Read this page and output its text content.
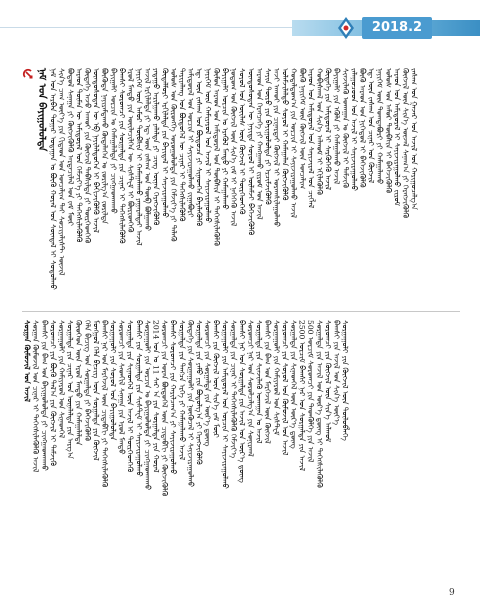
2018.2
ᠨᠠᠮ ᠤᠨ ᠪᠠᠶᠢᠭᠤᠯᠤᠯᠲᠠ ᠨᠠᠮ ᠤᠨ ᠠᠷᠪᠠᠨ ᠳᠤᠭᠠᠷ ᠤᠳᠠᠭᠠᠨ ᠤ ᠪᠦᠬᠦ ᠬᠤᠷᠠᠯ ᠤᠨ ᠰᠦᠨᠳᠡᠯ ᠢ ᠰᠤᠳᠤᠯᠬᠤ ᠰᠢᠨ᠎ᠡ ᠴᠠᠭ ᠦᠶ᠎ᠡ ᠶᠢᠨ ᠬᠢᠲᠠᠳ ᠤᠨ ᠣᠨᠴᠠᠯᠢᠭ ᠲᠠᠢ ᠰᠣᠴᠢᠶᠠᠯᠢᠰᠲ ᠦᠵᠢᠯ ᠪᠤᠳᠤᠯ ᠰᠠᠨᠠᠭᠠ ᠶᠢ ᠬᠥᠭᠵᠢᠭᠦᠯᠬᠦ ᠠᠷᠳᠠᠴᠢᠯᠠᠯ ᠤᠨ ᠵᠠᠮ ᠮᠥᠷ ᠠᠷᠠᠳ ᠲᠦᠮᠡᠨ ᠦ ᠠᠮᠢᠳᠤᠷᠠᠯ ᠤᠨ ᠬᠡᠮᠵᠢᠶ᠎ᠡ ᠶᠢ ᠳᠡᠭᠡᠭᠰᠢᠯᠡᠭᠦᠯᠬᠦ ᠬᠥᠳᠡᠭᠡ ᠠᠵᠤ ᠠᠬᠤᠢ ᠶᠢᠨ ᠬᠥᠭᠵᠢᠯ ᠳᠡᠪᠱᠢᠯᠲᠡ ᠶᠢ ᠲᠦᠷᠭᠡᠳᠬᠡᠬᠦ ᠦᠨᠳᠦᠰᠦᠲᠡᠨ ᠦ ᠡᠪ ᠨᠡᠶᠢᠯᠡᠯᠳᠦᠭᠡᠨ ᠢ ᠪᠡᠬᠢᠵᠢᠭᠦᠯᠬᠦ ᠠᠵᠢᠯ ᠪᠦᠭᠦᠳᠡ ᠨᠠᠶᠢᠷᠠᠮᠳᠠᠬᠤ ᠬᠦᠳᠡᠯᠡᠭᠡᠨ ᠤ ᠵᠤᠷᠢᠯᠭ᠎ᠠ ᠵᠣᠷᠢᠯᠲᠠ ᠪᠠᠶᠢᠭᠠᠯᠢ ᠣᠷᠴᠢᠨ ᠤ ᠬᠠᠮᠠᠭᠠᠯᠠᠯᠲᠠ ᠶᠢ ᠴᠢᠩᠭᠠᠳᠬᠠᠬᠤ ᠪᠠᠭᠰᠢ ᠰᠤᠷᠤᠭᠴᠢ ᠶᠢᠨ ᠰᠤᠷᠭᠠᠯᠲᠠ ᠶᠢᠨ ᠴᠢᠨᠠᠷ ᠢ ᠳᠡᠭᠡᠭᠰᠢᠯᠡᠭᠦᠯᠬᠦ ᠡᠷᠦᠯ ᠮᠡᠨᠳᠦ ᠶᠢᠨ ᠦᠢᠯᠡᠴᠢᠯᠭᠡᠨ ᠦ ᠰᠢᠰᠲ᠋ᠧᠮ ᠢ ᠪᠦᠷᠢᠳᠬᠡᠬᠦ ᠨᠡᠶᠢᠭᠡᠮ ᠦᠨ ᠠᠮᠤᠷ ᠲᠦᠪᠰᠢᠨ ᠢ ᠬᠠᠮᠠᠭᠠᠯᠠᠬᠤ ᠶᠠᠭᠠᠷᠠᠯᠲᠠᠢ ᠠᠵᠢᠯ ᠠᠵᠢᠯ ᠡᠷᠬᠢᠯᠡᠯᠲᠡ ᠶᠢ ᠡᠳ᠋ ᠦᠨ ᠵᠠᠰᠠᠭ ᠤᠨ ᠲᠥᠪ ᠪᠣᠯᠭᠠᠬᠤ ᠶᠠᠳᠠᠭᠤ ᠠᠷᠢᠯᠭᠠᠬᠤ ᠶᠠᠯᠠᠯᠲᠠ ᠶᠢ ᠴᠢᠩ ᠦᠨᠡᠨ ᠬᠡᠷᠡᠭᠵᠢᠭᠦᠯᠬᠦ ᠬᠥᠳᠡᠯᠮᠦᠷᠢ ᠡᠷᠬᠢᠯᠡᠯᠲᠡ ᠶᠢᠨ ᠪᠠᠶᠢᠳᠠᠯ ᠢ ᠰᠠᠶᠵᠢᠷᠠᠭᠤᠯᠬᠤ ᠤᠯᠤᠰ ᠤᠨ ᠬᠥᠷᠥᠩᠭᠡ ᠣᠷᠣᠭᠤᠯᠤᠯᠲᠠ ᠶᠢᠨ ᠬᠡᠮᠵᠢᠶ᠎ᠡ ᠶᠢ ᠲᠡᠯᠡᠬᠦ ᠲᠠᠷᠢᠶᠠᠯᠠᠩ ᠤᠨ ᠪᠦᠲᠦᠭᠡᠯ ᠦ ᠴᠢᠨᠠᠷ ᠢ ᠳᠡᠭᠡᠭᠰᠢᠯᠡᠭᠦᠯᠬᠦ ᠠᠮᠢᠳᠤᠷᠠᠯ ᠤᠨ ᠣᠷᠴᠢᠨ ᠢ ᠰᠠᠶᠢᠵᠢᠷᠠᠭᠤᠯᠬᠤ ᠵᠢᠭᠠᠪᠤᠷᠢ ᠡᠳ᠋ ᠦᠨ ᠵᠠᠰᠠᠭ ᠤᠨ ᠪᠦᠲᠦᠴᠡ ᠶᠢ ᠰᠢᠨᠡᠳᠬᠡᠨ ᠪᠡᠶᠡᠯᠡᠭᠦᠯᠬᠦ ᠨᠡᠶᠢᠭᠡᠮ ᠦᠨ ᠬᠠᠮᠢᠶᠠᠷᠤᠯ ᠤᠨ ᠠᠵᠢᠯ ᠢ ᠰᠠᠶᠢᠵᠢᠷᠠᠭᠤᠯᠬᠤ ᠬᠦᠮᠦᠨ ᠠᠷᠠᠳ ᠤᠨ ᠠᠮᠢᠳᠤᠷᠠᠯ ᠤᠨ ᠲᠦᠪᠰᠢᠨ ᠢ ᠳᠡᠭᠡᠭᠰᠢᠯᠡᠭᠦᠯᠬᠦ ᠪᠠᠶᠢᠭᠠᠯᠢ ᠣᠷᠴᠢᠨ ᠤ ᠡᠷᠡᠭᠦᠯ ᠮᠡᠨᠳᠦ ᠶᠢ ᠬᠠᠮᠠᠭᠠᠯᠠᠬᠤ ᠨᠤᠲᠤᠭ ᠤᠨ ᠬᠥᠭᠵᠢᠯ ᠦᠨ ᠰᠢᠨ᠎ᠡ ᠵᠠᠮ ᠢ ᠨᠡᠭᠡᠭᠡᠬᠦ ᠠᠵᠢᠯ ᠰᠣᠶᠣᠯ ᠤᠨ ᠦᠢᠯᠡᠰ ᠦᠨ ᠬᠥᠭᠵᠢᠯ ᠢ ᠲᠦᠷᠭᠡᠳᠬᠡᠬᠦ ᠦᠨᠳᠦᠰᠦᠲᠡᠨ ᠦ ᠨᠡᠶᠢᠲᠡ ᠰᠣᠶᠣᠯ ᠢ ᠦᠯᠡᠮᠵᠢ ᠪᠡᠬᠡᠵᠢᠭᠦᠯᠬᠦ ᠠᠷᠠᠳ ᠤᠨ ᠬᠡᠷᠡᠭᠴᠡᠭᠡ ᠶᠢ ᠬᠠᠩᠭᠠᠬᠤ ᠵᠢᠷᠤᠮ ᠤᠨ ᠠᠵᠢᠯ ᠰᠠᠶᠢᠨ ᠲᠥᠷᠥ ᠶᠢᠨ ᠪᠠᠶᠢᠭᠤᠯᠤᠯᠲᠠ ᠶᠢ ᠡᠷᠴᠢᠮᠵᠢᠭᠦᠯᠬᠦ ᠠᠵᠢ ᠠᠬᠤᠢ ᠶᠢᠨ ᠴᠢᠨᠠᠷᠲᠠᠢ ᠬᠥᠭᠵᠢᠯ ᠢ ᠤᠷᠠᠭᠰᠢᠯᠠᠭᠤᠯᠬᠤ ᠤᠯᠠᠮᠵᠢᠯᠠᠯᠲᠤ ᠰᠣᠶᠣᠯ ᠢ ᠬᠠᠮᠠᠭᠠᠯᠠᠨ ᠬᠥᠭᠵᠢᠭᠦᠯᠬᠦ ᠬᠤᠳᠠᠯᠳᠤᠭ᠎ᠠ ᠶᠢᠨ ᠣᠷᠴᠢᠨ ᠢ ᠰᠠᠶᠢᠵᠢᠷᠠᠭᠤᠯᠬᠤ ᠠᠵᠢᠯ ᠪᠦᠬᠦ ᠨᠡᠶᠢᠭᠡᠮ ᠦᠨ ᠬᠥᠭᠵᠢᠯ ᠦᠨ ᠣᠨᠴᠠᠯᠢᠭ ᠠᠷᠠᠳ ᠤᠨ ᠠᠮᠢᠳᠤᠷᠠᠯ ᠤᠨ ᠰᠠᠶᠢᠵᠢᠷᠠᠯ ᠤᠨ ᠴᠢᠭᠯᠡᠯ ᠬᠤᠪᠢᠰᠬᠠᠯ ᠤᠨ ᠰᠢᠨ᠎ᠡ ᠠᠯᠬᠤᠮ ᠢ ᠡᠬᠢᠯᠡᠭᠦᠯᠬᠦ ᠬᠥᠳᠡᠭᠡ ᠶᠢᠨ ᠠᠮᠢᠳᠤᠷᠠᠯ ᠢ ᠰᠡᠷᠭᠦᠭᠡᠬᠦ ᠠᠵᠢᠯ ᠪᠠᠶᠢᠭᠠᠯᠢ ᠶᠢᠨ ᠡᠬᠦᠯᠡ ᠶᠢ ᠬᠠᠮᠠᠭᠠᠯᠠᠬᠤ ᠠᠵᠢᠯ ᠰᠢᠨᠵᠢᠯᠡᠬᠦ ᠤᠬᠠᠭᠠᠨ ᠤ ᠬᠥᠭᠵᠢᠯ ᠢ ᠳᠡᠮᠵᠢᠬᠦ ᠵᠠᠯᠠᠭᠤᠴᠤᠳ ᠤᠨ ᠠᠵᠢᠯ ᠢ ᠰᠠᠶᠢᠵᠢᠷᠠᠭᠤᠯᠬᠤ ᠪᠦᠬᠦ ᠠᠷᠠᠳ ᠤᠨ ᠨᠢᠭᠡᠳᠦᠯ ᠢ ᠪᠡᠬᠡᠵᠢᠭᠦᠯᠬᠦ ᠡᠳ᠋ ᠦᠨ ᠵᠠᠰᠠᠭ ᠤᠨ ᠴᠢᠨᠠᠷ ᠤᠨ ᠬᠥᠭᠵᠢᠯ ᠨᠡᠶᠢᠭᠡᠮ ᠦᠨ ᠲᠤᠭᠲᠠᠪᠤᠷᠢ ᠶᠢ ᠬᠠᠮᠠᠭᠠᠯᠠᠬᠤ ᠤᠯᠤᠰ ᠤᠨ ᠠᠮᠤᠷ ᠲᠦᠪᠰᠢᠨ ᠢ ᠪᠡᠬᠡᠵᠢᠭᠦᠯᠬᠦ ᠠᠷᠠᠳ ᠤᠨ ᠠᠮᠢᠳᠤᠷᠠᠯ ᠢ ᠰᠠᠶᠢᠵᠢᠷᠠᠭᠤᠯᠬᠤ ᠵᠢᠷᠤᠮ ᠬᠥᠭᠵᠢᠯ ᠦᠨ ᠰᠢᠨ᠎ᠡ ᠦᠵᠡᠯ ᠰᠠᠨᠠᠭ᠎ᠠ ᠶᠢ ᠬᠡᠷᠡᠭᠵᠢᠭᠦᠯᠬᠦ ᠵᠠᠰᠠᠭ ᠤᠨ ᠭᠠᠵᠠᠷ ᠤᠨ ᠠᠵᠢᠯ ᠤᠨ ᠬᠠᠷᠢᠭᠤᠴᠠᠯᠭ᠎ᠠ
ᠰᠤᠷᠭᠠᠨ ᠬᠥᠮᠦᠵᠢᠯ ᠤᠨ ᠠᠵᠢᠯ ᠰᠤᠷᠭᠠᠨ ᠬᠥᠮᠦᠵᠢᠯ ᠤᠨ ᠴᠢᠨᠠᠷ ᠢ ᠳᠡᠭᠡᠭᠰᠢᠯᠡᠭᠦᠯᠬᠦ ᠠᠵᠢᠯ ᠪᠠᠭᠰᠢ ᠶᠢᠨ ᠪᠠᠭ ᠤᠨ ᠪᠠᠶᠢᠭᠤᠯᠤᠯᠲᠠ ᠶᠢ ᠴᠢᠩᠭᠠᠳᠬᠠᠬᠤ ᠰᠤᠷᠤᠭᠴᠢ ᠶᠢᠨ ᠪᠦᠬᠦ ᠲᠠᠯ᠎ᠠ ᠶᠢᠨ ᠬᠥᠭᠵᠢᠯ ᠢ ᠳᠡᠮᠵᠢᠬᠦ ᠰᠤᠷᠭᠠᠭᠤᠯᠢ ᠶᠢᠨ ᠬᠠᠮᠢᠶᠠᠷᠤᠯ ᠤᠨ ᠰᠢᠨᠡᠳᠭᠡᠯ ᠰᠤᠷᠭᠠᠯᠲᠠ ᠶᠢᠨ ᠴᠢᠨᠠᠷ ᠤᠨ ᠦᠨᠡᠯᠡᠯᠲᠡ ᠶᠢᠨ ᠠᠷᠭ᠎ᠠ ᠬᠦᠦᠬᠡᠳ ᠦᠨ ᠡᠷᠦᠯ ᠮᠡᠨᠳᠦ ᠶᠢᠨ ᠬᠠᠮᠠᠭᠠᠯᠠᠯᠲᠠ ᠬᠡᠯᠡ ᠪᠢᠴᠢᠭ ᠤᠨ ᠰᠤᠷᠭᠠᠯᠲᠠ ᠶᠢ ᠪᠡᠬᠡᠵᠢᠭᠦᠯᠬᠦ ᠮᠣᠩᠭᠣᠯ ᠬᠡᠯᠡ ᠪᠢᠴᠢᠭ ᠦᠨ ᠰᠤᠷᠭᠠᠯᠲᠠ ᠶᠢᠨ ᠬᠥᠭᠵᠢᠯ ᠪᠠᠭᠰᠢ ᠨᠠᠷ ᠤᠨ ᠮᠡᠷᠭᠡᠵᠢᠯ ᠦᠨ ᠴᠢᠳᠠᠪᠬᠢ ᠶᠢ ᠳᠡᠭᠡᠭᠰᠢᠯᠡᠭᠦᠯᠬᠦ ᠰᠤᠷᠭᠠᠭᠤᠯᠢ ᠶᠢᠨ ᠰᠣᠶᠣᠯ ᠤᠨ ᠪᠠᠶᠢᠭᠤᠯᠤᠯᠲᠠ ᠰᠤᠷᠤᠭᠴᠢ ᠶᠢᠨ ᠰᠡᠳᠬᠢᠯ ᠰᠠᠨᠠᠭᠠ ᠶᠢᠨ ᠡᠷᠦᠯ ᠮᠡᠨᠳᠦ ᠰᠤᠷᠭᠠᠯᠲᠠ ᠶᠢᠨ ᠰᠢᠨᠡᠳᠭᠡᠯ ᠦᠨ ᠠᠵᠢᠯ ᠢ ᠲᠦᠷᠭᠡᠳᠬᠡᠬᠦ ᠪᠠᠭᠰᠢ ᠶᠢᠨ ᠰᠤᠷᠭᠠᠯᠲᠠ ᠶᠢᠨ ᠰᠢᠰᠲ᠋ᠧᠮ ᠢ ᠰᠠᠶᠢᠵᠢᠷᠠᠭᠤᠯᠬᠤ ᠰᠤᠷᠭᠠᠭᠤᠯᠢ ᠶᠢᠨ ᠣᠷᠴᠢᠨ ᠤ ᠪᠠᠶᠢᠭᠤᠯᠤᠯᠲᠠ ᠶᠢ ᠴᠢᠩᠭᠠᠳᠬᠠᠬᠤ 2014 ᠣᠨ ᠤ 11 ᠰᠠᠷ ᠠ ᠶᠢᠨ ᠰᠤᠷᠭᠠᠯᠲᠠ ᠶᠢᠨ ᠬᠤᠷᠠᠯ ᠰᠤᠷᠤᠭᠴᠢ ᠶᠢᠨ ᠤᠷᠠᠨ ᠪᠦᠲᠦᠭᠡᠯ ᠦᠨ ᠴᠢᠳᠠᠪᠬᠢ ᠶᠢ ᠬᠥᠭᠵᠢᠭᠦᠯᠬᠦ ᠪᠠᠭᠰᠢ ᠰᠤᠷᠤᠭᠴᠢ ᠶᠢᠨ ᠬᠠᠷᠢᠯᠴᠠᠭ᠎ᠠ ᠶᠢ ᠰᠠᠶᠢᠵᠢᠷᠠᠭᠤᠯᠬᠤ ᠰᠤᠷᠭᠠᠯᠲᠠ ᠶᠢᠨ ᠲᠡᠩᠴᠡ ᠡᠷᠬᠡ ᠶᠢ ᠬᠠᠮᠠᠭᠠᠯᠠᠬᠤ ᠠᠵᠢᠯ ᠬᠥᠳᠡᠭᠡ ᠶᠢᠨ ᠰᠤᠷᠭᠠᠭᠤᠯᠢ ᠶᠢᠨ ᠨᠥᠬᠦᠴᠡᠯ ᠢ ᠰᠠᠶᠢᠵᠢᠷᠠᠭᠤᠯᠬᠤ ᠰᠤᠷᠭᠠᠯᠲᠠ ᠶᠢᠨ ᠶᠠᠮᠤ ᠶᠢᠨ ᠪᠣᠳᠣᠯᠭ᠎ᠠ ᠶᠢ ᠬᠡᠷᠡᠭᠵᠢᠭᠦᠯᠬᠦ ᠰᠤᠷᠤᠭᠴᠢ ᠶᠢᠨ ᠰᠤᠷᠭᠠᠯᠲᠠ ᠶᠢᠨ ᠦᠷ᠎ᠡ ᠳ᠋ᠦᠩ ᠪᠠᠭᠰᠢ ᠶᠢᠨ ᠬᠥᠭᠵᠢᠯ ᠦᠨ ᠰᠢᠨ᠎ᠡ ᠵᠠᠮ ᠮᠥᠷ ᠰᠤᠷᠭᠠᠭᠤᠯᠢ ᠶᠢᠨ ᠠᠮᠢᠳᠤᠷᠠᠯ ᠤᠨ ᠣᠷᠴᠢᠨ ᠢ ᠰᠠᠶᠢᠵᠢᠷᠠᠭᠤᠯᠬᠤ ᠰᠤᠷᠭᠠᠯᠲᠠ ᠶᠢᠨ ᠴᠢᠨᠠᠷ ᠢ ᠳᠡᠭᠡᠭᠰᠢᠯᠡᠭᠦᠯᠬᠦ ᠬᠡᠮᠵᠢᠶ᠎ᠡ ᠪᠠᠭᠰᠢ ᠨᠠᠷ ᠤᠨ ᠰᠤᠷᠭᠠᠯᠲᠠ ᠶᠢᠨ ᠠᠵᠢᠯ ᠤᠨ ᠦᠷ᠎ᠡ ᠳ᠋ᠦᠩ ᠰᠤᠷᠤᠭᠴᠢ ᠨᠠᠷ ᠤᠨ ᠰᠤᠷᠤᠯᠴᠠᠯᠭ᠎ᠠ ᠶᠢᠨ ᠰᠣᠨᠢᠷᠬᠠᠯ ᠰᠤᠷᠭᠠᠯᠲᠠ ᠶᠢᠨ ᠰᠢᠨᠵᠢᠯᠡᠬᠦ ᠤᠬᠠᠭᠠᠨ ᠤ ᠠᠵᠢᠯ ᠪᠠᠭᠰᠢ ᠶᠢᠨ ᠪᠠᠭ ᠤᠨ ᠮᠡᠷᠭᠡᠵᠢᠯ ᠦᠨ ᠬᠥᠭᠵᠢᠯ ᠰᠤᠷᠭᠠᠭᠤᠯᠢ ᠶᠢᠨ ᠬᠠᠮᠢᠶᠠᠷᠤᠯ ᠤᠨ ᠰᠢᠰᠲ᠋ᠧᠮ ᠰᠤᠷᠤᠭᠴᠢ ᠶᠢᠨ ᠰᠣᠶᠣᠯ ᠤᠨ ᠬᠥᠮᠦᠵᠢᠯ ᠤᠨ ᠠᠵᠢᠯ ᠰᠤᠷᠭᠠᠯᠲᠠ ᠶᠢᠨ ᠰᠢᠨᠡᠳᠭᠡᠯ ᠦᠨ ᠦᠷ᠎ᠡ ᠳ᠋ᠦᠩ 2500 ᠣᠷᠴᠢᠮ ᠪᠠᠭᠰᠢ ᠨᠠᠷ ᠤᠨ ᠰᠤᠷᠭᠠᠯᠲᠠ ᠶᠢᠨ ᠠᠵᠢᠯ 500 ᠣᠷᠴᠢᠮ ᠰᠤᠷᠤᠭᠴᠢ ᠶᠢᠨ ᠲᠡᠳᠬᠦᠯᠭᠡ ᠶᠢᠨ ᠠᠵᠢᠯ ᠰᠤᠷᠭᠠᠯᠲᠠ ᠶᠢᠨ ᠠᠵᠢᠯ ᠤᠨ ᠦᠷ᠎ᠡ ᠳ᠋ᠦᠩ ᠢ ᠳᠡᠭᠡᠭᠰᠢᠯᠡᠭᠦᠯᠬᠦ ᠰᠤᠷᠤᠭᠴᠢ ᠶᠢᠨ ᠬᠥᠭᠵᠢᠯ ᠦᠨ ᠰᠢᠨ᠎ᠡ ᠠᠯᠬᠤᠮ ᠪᠠᠭᠰᠢ ᠶᠢᠨ ᠠᠵᠢᠯ ᠤᠨ ᠰᠢᠨ᠎ᠡ ᠦᠶ᠎ᠡ ᠰᠤᠷᠭᠠᠭᠤᠯᠢ ᠶᠢᠨ ᠬᠥᠭᠵᠢᠯ ᠦᠨ ᠲᠥᠯᠥᠪᠯᠡᠭᠡ
9
